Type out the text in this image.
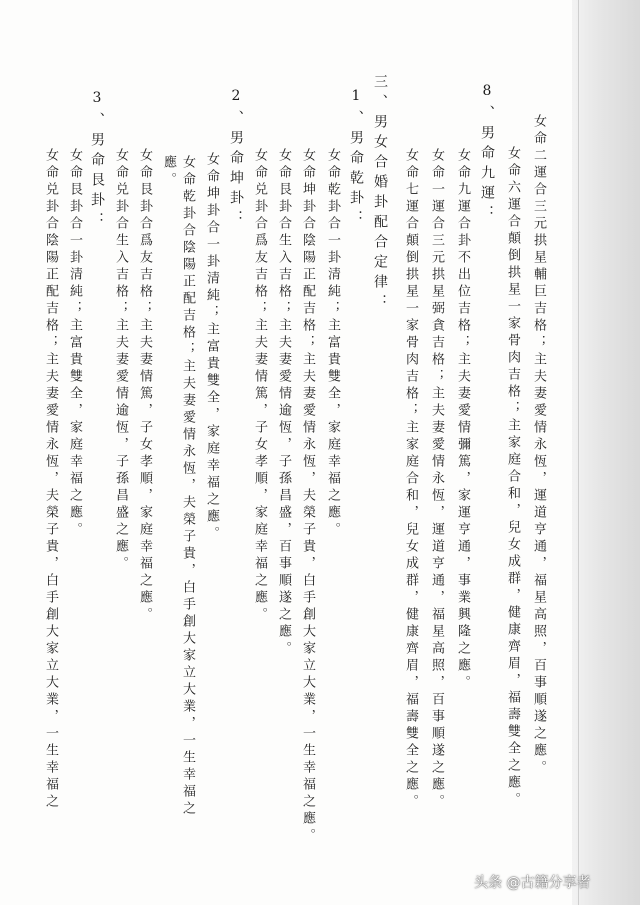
女命二運合三元拱星輔巨吉格；主夫妻愛情永恆，運道亨通，福星高照，百事順遂之應。
女命六運合顛倒拱星一家骨肉吉格；主家庭合和，兒女成群，健康齊眉，福壽雙全之應。
8、男命九運：
女命九運合卦不出位吉格；主夫妻愛情彌篤，家運亨通，事業興隆之應。
女命一運合三元拱星弼貪吉格；主夫妻愛情永恆，運道亨通，福星高照，百事順遂之應。
女命七運合顛倒拱星一家骨肉吉格；主家庭合和，兒女成群，健康齊眉，福壽雙全之應。
三、男女合婚卦配合定律：
1、男命乾卦：
女命乾卦合一卦清純；主富貴雙全，家庭幸福之應。
女命坤卦合陰陽正配吉格；主夫妻愛情永恆，夫榮子貴，白手創大家立大業，一生幸福之應。
女命艮卦合生入吉格；主夫妻愛情逾恆，子孫昌盛，百事順遂之應。
女命兑卦合爲友吉格；主夫妻情篤，子女孝順，家庭幸福之應。
2、男命坤卦：
女命坤卦合一卦清純；主富貴雙全，家庭幸福之應。
女命乾卦合陰陽正配吉格；主夫妻愛情永恆，夫榮子貴，白手創大家立大業，一生幸福之
應。
女命艮卦合爲友吉格；主夫妻情篤，子女孝順，家庭幸福之應。
女命兑卦合生入吉格；主夫妻愛情逾恆，子孫昌盛之應。
3、男命艮卦：
女命艮卦合一卦清純；主富貴雙全，家庭幸福之應。
女命兑卦合陰陽正配吉格；主夫妻愛情永恆，夫榮子貴，白手創大家立大業，一生幸福之
头条 @古籍分享者
